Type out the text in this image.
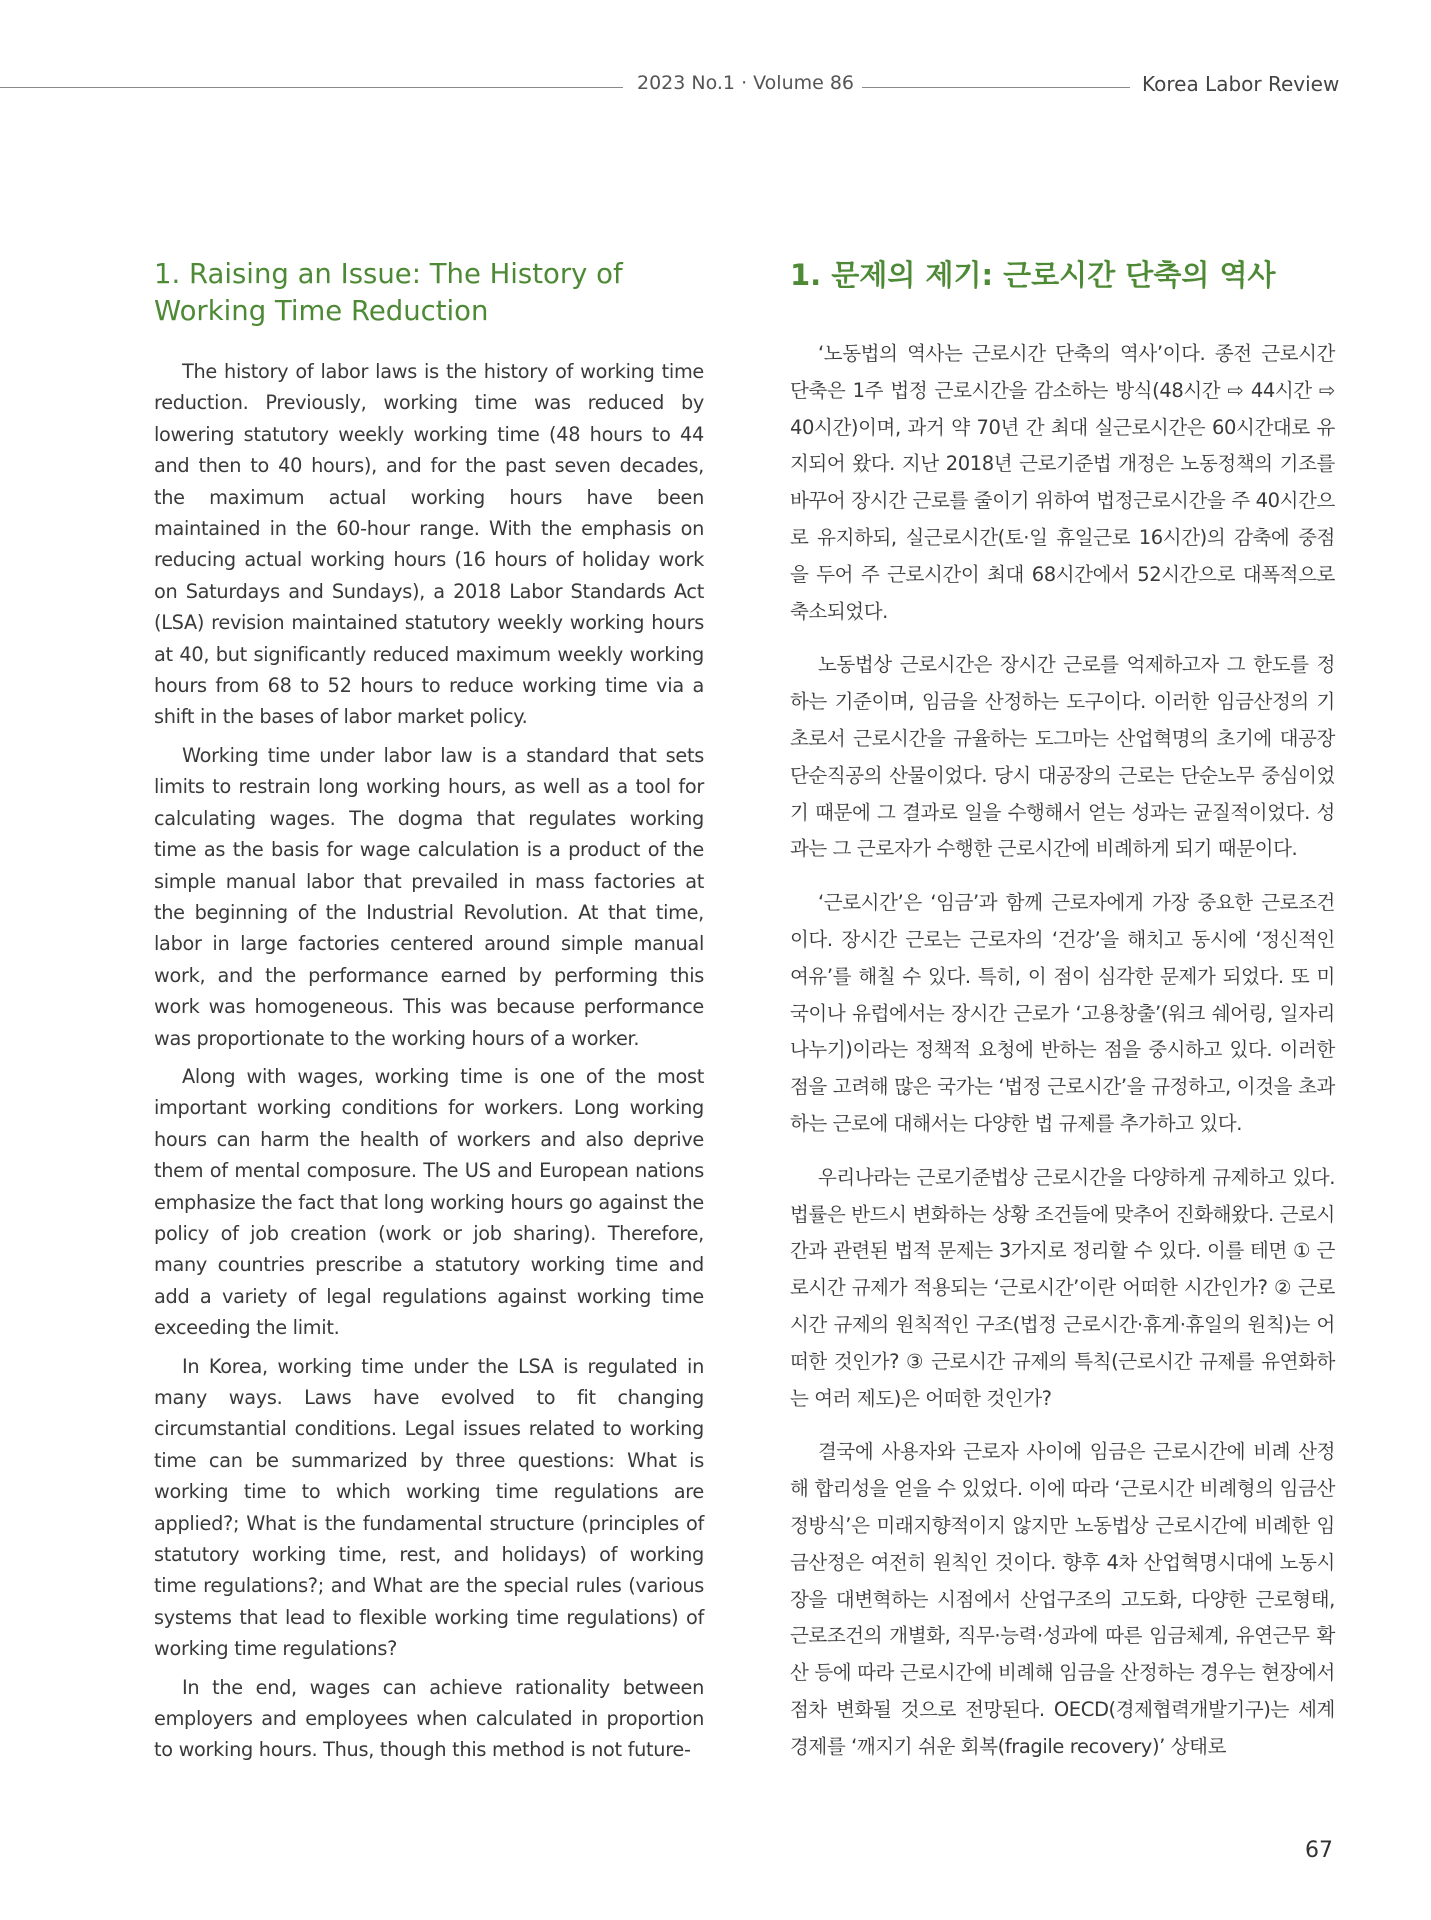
2023 No.1 · Volume 86	Korea Labor Review
1. Raising an Issue: The History of Working Time Reduction

The history of labor laws is the history of working time reduction. Previously, working time was reduced by lowering statutory weekly working time (48 hours to 44 and then to 40 hours), and for the past seven decades, the maximum actual working hours have been maintained in the 60-hour range. With the emphasis on reducing actual working hours (16 hours of holiday work on Saturdays and Sundays), a 2018 Labor Standards Act (LSA) revision maintained statutory weekly working hours at 40, but significantly reduced maximum weekly working hours from 68 to 52 hours to reduce working time via a shift in the bases of labor market policy.

Working time under labor law is a standard that sets limits to restrain long working hours, as well as a tool for calculating wages. The dogma that regulates working time as the basis for wage calculation is a product of the simple manual labor that prevailed in mass factories at the beginning of the Industrial Revolution. At that time, labor in large factories centered around simple manual work, and the performance earned by performing this work was homogeneous. This was because performance was proportionate to the working hours of a worker.

Along with wages, working time is one of the most important working conditions for workers. Long working hours can harm the health of workers and also deprive them of mental composure. The US and European nations emphasize the fact that long working hours go against the policy of job creation (work or job sharing). Therefore, many countries prescribe a statutory working time and add a variety of legal regulations against working time exceeding the limit.

In Korea, working time under the LSA is regulated in many ways. Laws have evolved to fit changing circumstantial conditions. Legal issues related to working time can be summarized by three questions: What is working time to which working time regulations are applied?; What is the fundamental structure (principles of statutory working time, rest, and holidays) of working time regulations?; and What are the special rules (various systems that lead to flexible working time regulations) of working time regulations?

In the end, wages can achieve rationality between employers and employees when calculated in proportion to working hours. Thus, though this method is not future-

1. 문제의 제기: 근로시간 단축의 역사

‘노동법의 역사는 근로시간 단축의 역사’이다. 종전 근로시간 단축은 1주 법정 근로시간을 감소하는 방식(48시간 ⇨ 44시간 ⇨ 40시간)이며, 과거 약 70년 간 최대 실근로시간은 60시간대로 유지되어 왔다. 지난 2018년 근로기준법 개정은 노동정책의 기조를 바꾸어 장시간 근로를 줄이기 위하여 법정근로시간을 주 40시간으로 유지하되, 실근로시간(토·일 휴일근로 16시간)의 감축에 중점을 두어 주 근로시간이 최대 68시간에서 52시간으로 대폭적으로 축소되었다.

노동법상 근로시간은 장시간 근로를 억제하고자 그 한도를 정하는 기준이며, 임금을 산정하는 도구이다. 이러한 임금산정의 기초로서 근로시간을 규율하는 도그마는 산업혁명의 초기에 대공장 단순직공의 산물이었다. 당시 대공장의 근로는 단순노무 중심이었기 때문에 그 결과로 일을 수행해서 얻는 성과는 균질적이었다. 성과는 그 근로자가 수행한 근로시간에 비례하게 되기 때문이다.

‘근로시간’은 ‘임금’과 함께 근로자에게 가장 중요한 근로조건이다. 장시간 근로는 근로자의 ‘건강’을 해치고 동시에 ‘정신적인 여유’를 해칠 수 있다. 특히, 이 점이 심각한 문제가 되었다. 또 미국이나 유럽에서는 장시간 근로가 ‘고용창출’(워크 쉐어링, 일자리 나누기)이라는 정책적 요청에 반하는 점을 중시하고 있다. 이러한 점을 고려해 많은 국가는 ‘법정 근로시간’을 규정하고, 이것을 초과하는 근로에 대해서는 다양한 법 규제를 추가하고 있다.

우리나라는 근로기준법상 근로시간을 다양하게 규제하고 있다. 법률은 반드시 변화하는 상황 조건들에 맞추어 진화해왔다. 근로시간과 관련된 법적 문제는 3가지로 정리할 수 있다. 이를 테면 ① 근로시간 규제가 적용되는 ‘근로시간’이란 어떠한 시간인가? ② 근로시간 규제의 원칙적인 구조(법정 근로시간·휴게·휴일의 원칙)는 어떠한 것인가? ③ 근로시간 규제의 특칙(근로시간 규제를 유연화하는 여러 제도)은 어떠한 것인가?

결국에 사용자와 근로자 사이에 임금은 근로시간에 비례 산정해 합리성을 얻을 수 있었다. 이에 따라 ‘근로시간 비례형의 임금산정방식’은 미래지향적이지 않지만 노동법상 근로시간에 비례한 임금산정은 여전히 원칙인 것이다. 향후 4차 산업혁명시대에 노동시장을 대변혁하는 시점에서 산업구조의 고도화, 다양한 근로형태, 근로조건의 개별화, 직무·능력·성과에 따른 임금체계, 유연근무 확산 등에 따라 근로시간에 비례해 임금을 산정하는 경우는 현장에서 점차 변화될 것으로 전망된다. OECD(경제협력개발기구)는 세계 경제를 ‘깨지기 쉬운 회복(fragile recovery)’ 상태로

67
